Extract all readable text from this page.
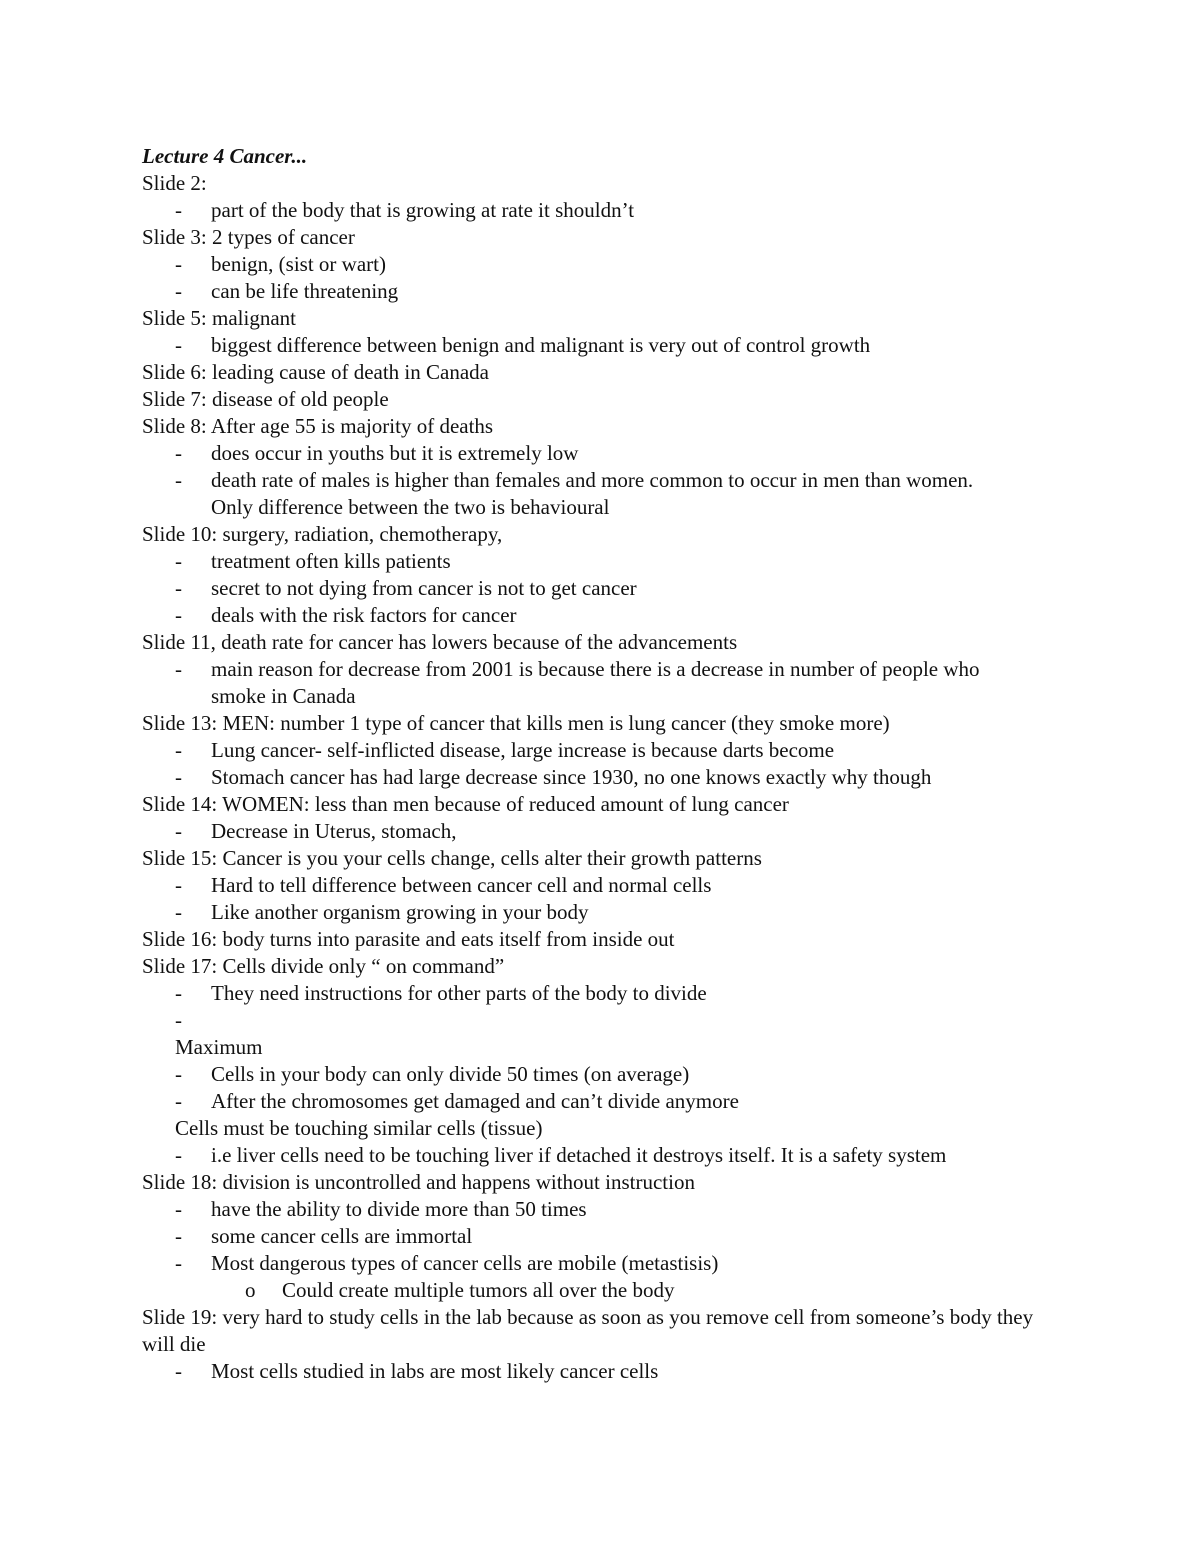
Lecture 4 Cancer...
Slide 2:
- part of the body that is growing at rate it shouldn’t
Slide 3: 2 types of cancer
- benign, (sist or wart)
- can be life threatening
Slide 5: malignant
- biggest difference between benign and malignant is very out of control growth
Slide 6: leading cause of death in Canada
Slide 7: disease of old people
Slide 8: After age 55 is majority of deaths
- does occur in youths but it is extremely low
- death rate of males is higher than females and more common to occur in men than women. Only difference between the two is behavioural
Slide 10: surgery, radiation, chemotherapy,
- treatment often kills patients
- secret to not dying from cancer is not to get cancer
- deals with the risk factors for cancer
Slide 11, death rate for cancer has lowers because of the advancements
- main reason for decrease from 2001 is because there is a decrease in number of people who smoke in Canada
Slide 13: MEN: number 1 type of cancer that kills men is lung cancer (they smoke more)
- Lung cancer- self-inflicted disease, large increase is because darts become
- Stomach cancer has had large decrease since 1930, no one knows exactly why though
Slide 14: WOMEN: less than men because of reduced amount of lung cancer
- Decrease in Uterus, stomach,
Slide 15: Cancer is you your cells change, cells alter their growth patterns
- Hard to tell difference between cancer cell and normal cells
- Like another organism growing in your body
Slide 16: body turns into parasite and eats itself from inside out
Slide 17: Cells divide only “ on command”
- They need instructions for other parts of the body to divide
-

Maximum
- Cells in your body can only divide 50 times (on average)
- After the chromosomes get damaged and can’t divide anymore
Cells must be touching similar cells (tissue)
- i.e liver cells need to be touching liver if detached it destroys itself. It is a safety system
Slide 18: division is uncontrolled and happens without instruction
- have the ability to divide more than 50 times
- some cancer cells are immortal
- Most dangerous types of cancer cells are mobile (metastisis)
o Could create multiple tumors all over the body
Slide 19: very hard to study cells in the lab because as soon as you remove cell from someone’s body they will die
- Most cells studied in labs are most likely cancer cells
